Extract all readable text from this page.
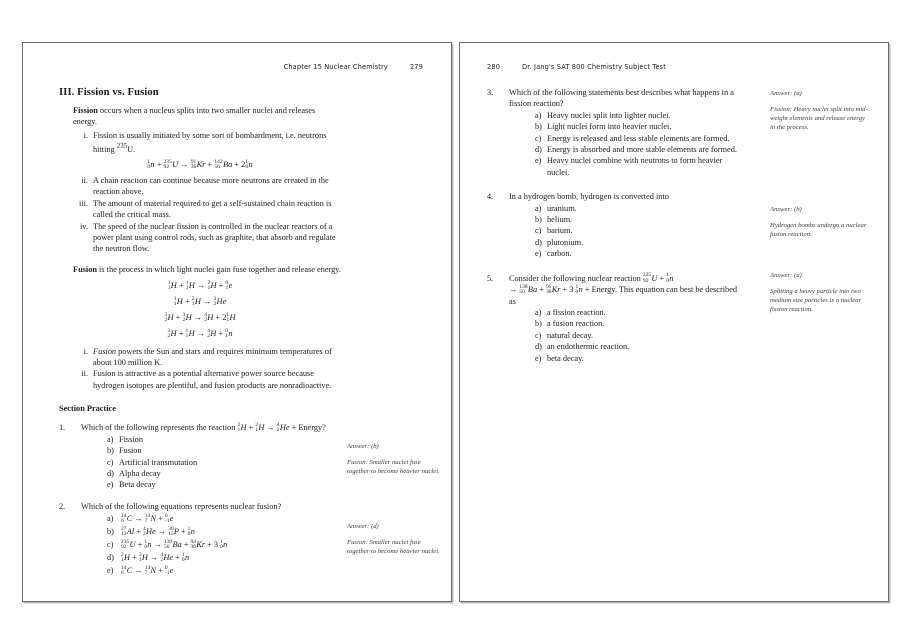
Chapter 15 Nuclear Chemistry	279
III. Fission vs. Fusion

Fission occurs when a nucleus splits into two smaller nuclei and releases energy.

i. Fission is usually initiated by some sort of bombardment, i.e. neutrons hitting $^{235}$U.
1
0 n + 235
92 U → 91
36 Kr + 142
56 Ba + 2 1
0 n
ii. A chain reaction can continue because more neutrons are created in the reaction above.
iii. The amount of material required to get a self-sustained chain reaction is called the critical mass.
iv. The speed of the nuclear fission is controlled in the nuclear reactors of a power plant using control rods, such as graphite, that absorb and regulate the neutron flow.

Fusion is the process in which light nuclei gain fuse together and release energy.

1
1 H + 1
1 H → 2
1 H + 0
1 e
1
1 H + 2
1 H → 3
2 He
3
2 H + 3
2 H → 4
2 H + 2 1
1 H
3
2 H + 1
1 H → 4
2 H + 0
1 n
i. Fusion powers the Sun and stars and requires minimum temperatures of about 100 million K.
ii. Fusion is attractive as a potential alternative power source because hydrogen isotopes are plentiful, and fusion products are nonradioactive.
Section Practice
1.	Which of the following represents the reaction 2
1 H + 2
1 H → 4
2 He + Energy?

a) Fission
b) Fusion
c) Artificial transmutation
d) Alpha decay
e) Beta decay
2.	Which of the following equations represents nuclear fusion?

a) 14
6 C → 14
7 N + 0
-1 e
b) 27
13 Al + 4
2 He → 30
15 P + 1
0 n
c) 235
92 U + 1
0 n → 139
56 Ba + 94
36 Kr + 3 1
0 n
d) 2
1 H + 3
1 H → 4
2 He + 1
0 n
e) 14
6 C → 14
7 N + 0
-1 e

Answer: (b)

Fusion: Smaller nuclei fuse together to become heavier nuclei.

Answer: (d)

Fusion: Smaller nuclei fuse together to become heavier nuclei.

280	Dr. Jang's SAT 800 Chemistry Subject Test
3.	Which of the following statements best describes what happens in a fission reaction?

a) Heavy nuclei split into lighter nuclei.
b) Light nuclei form into heavier nuclei.
c) Energy is released and less stable elements are formed.
d) Energy is absorbed and more stable elements are formed.
e) Heavy nuclei combine with neutrons to form heavier nuclei.
4.	In a hydrogen bomb, hydrogen is converted into

a) uranium.
b) helium.
c) barium.
d) plutonium.
e) carbon.
5.	Consider the following nuclear reaction 235
92 U + 1
0 n
→ 138
56 Ba + 95
36 Kr + 3 1
0 n + Energy. This equation can best be described as

a) a fission reaction.
b) a fusion reaction.
c) natural decay.
d) an endothermic reaction.
e) beta decay.

Answer: (a)

Fission: Heavy nuclei split into mid-weight elements and release energy in the process.

Answer: (b)

Hydrogen bombs undergo a nuclear fusion reaction.

Answer: (a)

Splitting a heavy particle into two medium size particles is a nuclear fission reaction.
